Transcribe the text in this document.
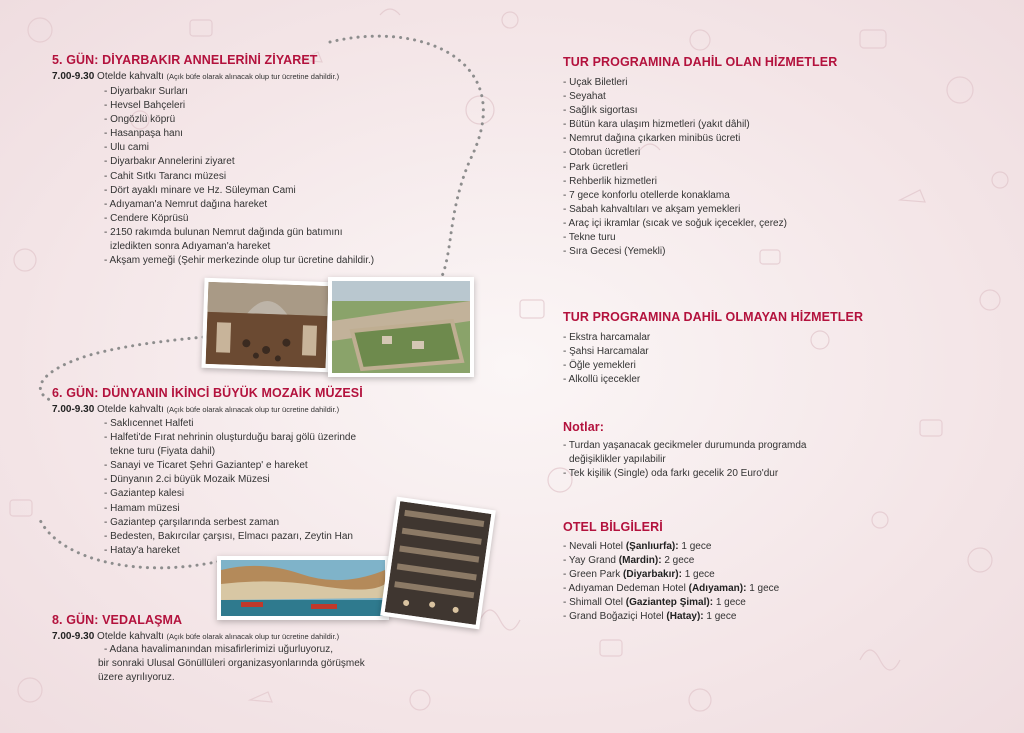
5. GÜN: DİYARBAKIR ANNELERİNİ ZİYARET
7.00-9.30 Otelde kahvaltı (Açık büfe olarak alınacak olup tur ücretine dahildir.)
- Diyarbakır Surları
- Hevsel Bahçeleri
- Ongözlü köprü
- Hasanpaşa hanı
- Ulu cami
- Diyarbakır Annelerini ziyaret
- Cahit Sıtkı Tarancı müzesi
- Dört ayaklı minare ve Hz. Süleyman Cami
- Adıyaman'a Nemrut dağına hareket
- Cendere Köprüsü
- 2150 rakımda bulunan Nemrut dağında gün batımını
izledikten sonra Adıyaman'a hareket
- Akşam yemeği (Şehir merkezinde olup tur ücretine dahildir.)
6. GÜN: DÜNYANIN İKİNCİ BÜYÜK MOZAİK MÜZESİ
7.00-9.30 Otelde kahvaltı (Açık büfe olarak alınacak olup tur ücretine dahildir.)
- Saklıcennet Halfeti
- Halfeti'de Fırat nehrinin oluşturduğu baraj gölü üzerinde
tekne turu (Fiyata dahil)
- Sanayi ve Ticaret Şehri Gaziantep' e hareket
- Dünyanın 2.ci büyük Mozaik Müzesi
- Gaziantep kalesi
- Hamam müzesi
- Gaziantep çarşılarında serbest zaman
- Bedesten, Bakırcılar çarşısı, Elmacı pazarı, Zeytin Han
- Hatay'a hareket
8. GÜN: VEDALAŞMA
7.00-9.30 Otelde kahvaltı (Açık büfe olarak alınacak olup tur ücretine dahildir.)
- Adana havalimanından misafirlerimizi uğurluyoruz,
bir sonraki Ulusal Gönüllüleri organizasyonlarında görüşmek
üzere ayrılıyoruz.
TUR PROGRAMINA DAHİL OLAN HİZMETLER
- Uçak Biletleri
- Seyahat
- Sağlık sigortası
- Bütün kara ulaşım hizmetleri (yakıt dâhil)
- Nemrut dağına çıkarken minibüs ücreti
- Otoban ücretleri
- Park ücretleri
- Rehberlik hizmetleri
- 7 gece konforlu otellerde konaklama
- Sabah kahvaltıları ve akşam yemekleri
- Araç içi ikramlar (sıcak ve soğuk içecekler, çerez)
- Tekne turu
- Sıra Gecesi (Yemekli)
TUR PROGRAMINA DAHİL OLMAYAN HİZMETLER
- Ekstra harcamalar
- Şahsi Harcamalar
- Öğle yemekleri
- Alkollü içecekler
Notlar:
- Turdan yaşanacak gecikmeler durumunda programda
değişiklikler yapılabilir
- Tek kişilik (Single) oda farkı gecelik 20 Euro'dur
OTEL BİLGİLERİ
- Nevali Hotel (Şanlıurfa): 1 gece
- Yay Grand (Mardin): 2 gece
- Green Park (Diyarbakır): 1 gece
- Adıyaman Dedeman Hotel (Adıyaman): 1 gece
- Shimall Otel (Gaziantep Şimal): 1 gece
- Grand Boğaziçi Hotel (Hatay): 1 gece
